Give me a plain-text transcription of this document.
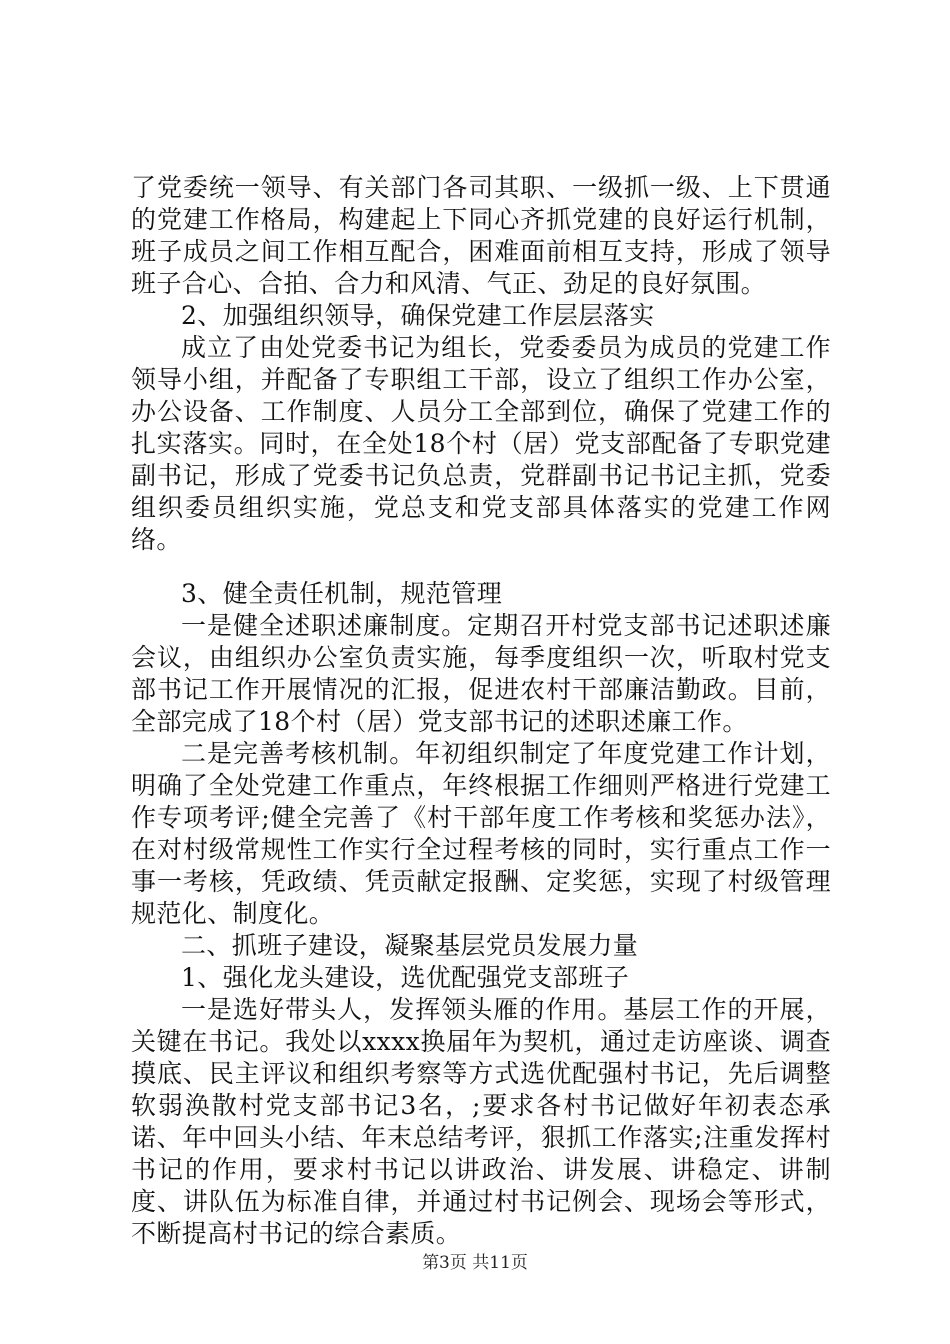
了党委统一领导、有关部门各司其职、一级抓一级、上下贯通的党建工作格局，构建起上下同心齐抓党建的良好运行机制，班子成员之间工作相互配合，困难面前相互支持，形成了领导班子合心、合拍、合力和风清、气正、劲足的良好氛围。

2、加强组织领导，确保党建工作层层落实

成立了由处党委书记为组长，党委委员为成员的党建工作领导小组，并配备了专职组工干部，设立了组织工作办公室，办公设备、工作制度、人员分工全部到位，确保了党建工作的扎实落实。同时，在全处18个村（居）党支部配备了专职党建副书记，形成了党委书记负总责，党群副书记书记主抓，党委组织委员组织实施，党总支和党支部具体落实的党建工作网络。

3、健全责任机制，规范管理

一是健全述职述廉制度。定期召开村党支部书记述职述廉会议，由组织办公室负责实施，每季度组织一次，听取村党支部书记工作开展情况的汇报，促进农村干部廉洁勤政。目前，全部完成了18个村（居）党支部书记的述职述廉工作。

二是完善考核机制。年初组织制定了年度党建工作计划，明确了全处党建工作重点，年终根据工作细则严格进行党建工作专项考评;健全完善了《村干部年度工作考核和奖惩办法》，在对村级常规性工作实行全过程考核的同时，实行重点工作一事一考核，凭政绩、凭贡献定报酬、定奖惩，实现了村级管理规范化、制度化。

二、抓班子建设，凝聚基层党员发展力量

1、强化龙头建设，选优配强党支部班子

一是选好带头人，发挥领头雁的作用。基层工作的开展，关键在书记。我处以xxxx换届年为契机，通过走访座谈、调查摸底、民主评议和组织考察等方式选优配强村书记，先后调整软弱涣散村党支部书记3名，;要求各村书记做好年初表态承诺、年中回头小结、年末总结考评，狠抓工作落实;注重发挥村书记的作用，要求村书记以讲政治、讲发展、讲稳定、讲制度、讲队伍为标准自律，并通过村书记例会、现场会等形式，不断提高村书记的综合素质。

第3页 共11页
